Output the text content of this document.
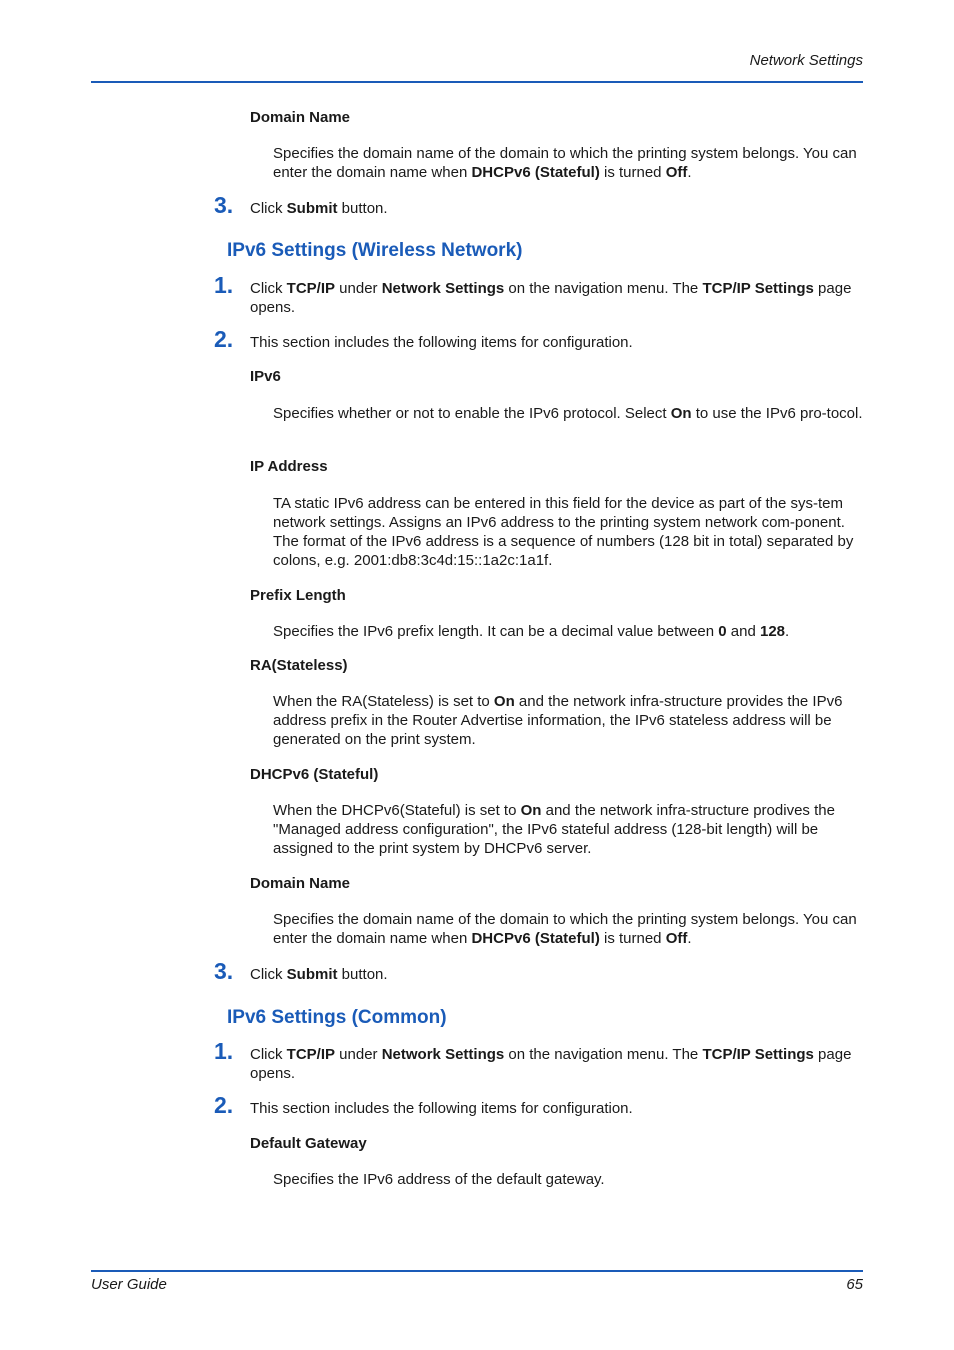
Network Settings
Domain Name
Specifies the domain name of the domain to which the printing system belongs. You can enter the domain name when DHCPv6 (Stateful) is turned Off.
3. Click Submit button.
IPv6 Settings (Wireless Network)
1. Click TCP/IP under Network Settings on the navigation menu. The TCP/IP Settings page opens.
2. This section includes the following items for configuration.
IPv6
Specifies whether or not to enable the IPv6 protocol. Select On to use the IPv6 pro-tocol.
IP Address
TA static IPv6 address can be entered in this field for the device as part of the sys-tem network settings. Assigns an IPv6 address to the printing system network com-ponent. The format of the IPv6 address is a sequence of numbers (128 bit in total) separated by colons, e.g. 2001:db8:3c4d:15::1a2c:1a1f.
Prefix Length
Specifies the IPv6 prefix length. It can be a decimal value between 0 and 128.
RA(Stateless)
When the RA(Stateless) is set to On and the network infra-structure provides the IPv6 address prefix in the Router Advertise information, the IPv6 stateless address will be generated on the print system.
DHCPv6 (Stateful)
When the DHCPv6(Stateful) is set to On and the network infra-structure prodives the "Managed address configuration", the IPv6 stateful address (128-bit length) will be assigned to the print system by DHCPv6 server.
Domain Name
Specifies the domain name of the domain to which the printing system belongs. You can enter the domain name when DHCPv6 (Stateful) is turned Off.
3. Click Submit button.
IPv6 Settings (Common)
1. Click TCP/IP under Network Settings on the navigation menu. The TCP/IP Settings page opens.
2. This section includes the following items for configuration.
Default Gateway
Specifies the IPv6 address of the default gateway.
User Guide	65
